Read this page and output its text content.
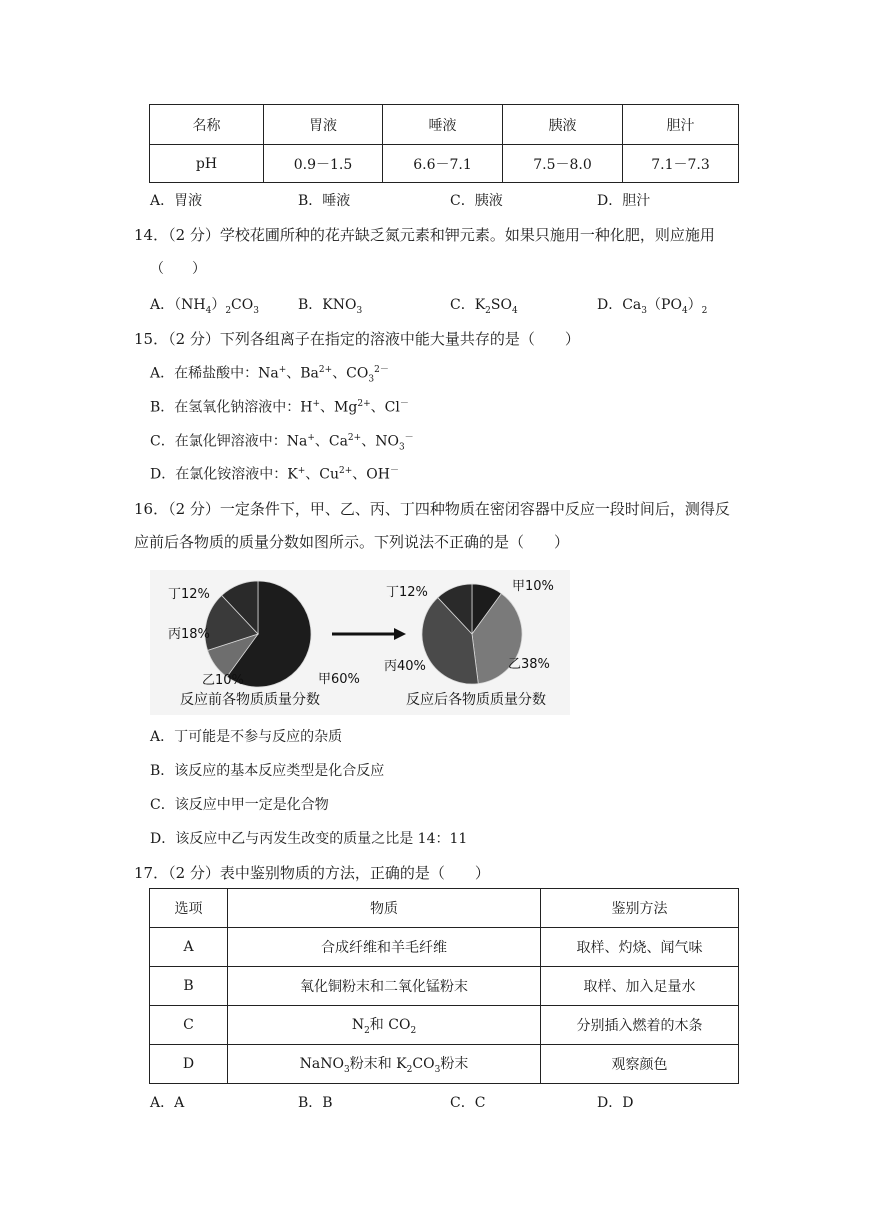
名称	胃液	唾液	胰液	胆汁
pH	0.9－1.5	6.6－7.1	7.5－8.0	7.1－7.3
A．胃液	B．唾液	C．胰液	D．胆汁
14．（2 分）学校花圃所种的花卉缺乏氮元素和钾元素。如果只施用一种化肥，则应施用
（　　）
A．$(NH_4)_2CO_3$	B．$KNO_3$	C．$K_2SO_4$	D．$Ca_3(PO_4)_2$
15．（2 分）下列各组离子在指定的溶液中能大量共存的是（　　）
A．在稀盐酸中：Na+、$Ba^{2+}$、$CO_3^{2-}$
B．在氢氧化钠溶液中：H+、$Mg^{2+}$、Cl－
C．在氯化钾溶液中：Na+、$Ca^{2+}$、$NO_3^-$
D．在氯化铵溶液中：K+、$Cu^{2+}$、OH－
16．（2 分）一定条件下，甲、乙、丙、丁四种物质在密闭容器中反应一段时间后，测得反
应前后各物质的质量分数如图所示。下列说法不正确的是（　　）
甲60%
乙10%
丙18%
丁12%
甲10%
乙38%
丙40%
丁12%
反应前各物质质量分数	反应后各物质质量分数
A．丁可能是不参与反应的杂质
B．该反应的基本反应类型是化合反应
C．该反应中甲一定是化合物
D．该反应中乙与丙发生改变的质量之比是 14：11
17．（2 分）表中鉴别物质的方法，正确的是（　　）
选项	物质	鉴别方法
A	合成纤维和羊毛纤维	取样、灼烧、闻气味
B	氧化铜粉末和二氧化锰粉末	取样、加入足量水
C	$N_2$和 $CO_2$	分别插入燃着的木条
D	NaNO$_3$粉末和 $K_2CO_3$粉末	观察颜色
A．A	B．B	C．C	D．D
